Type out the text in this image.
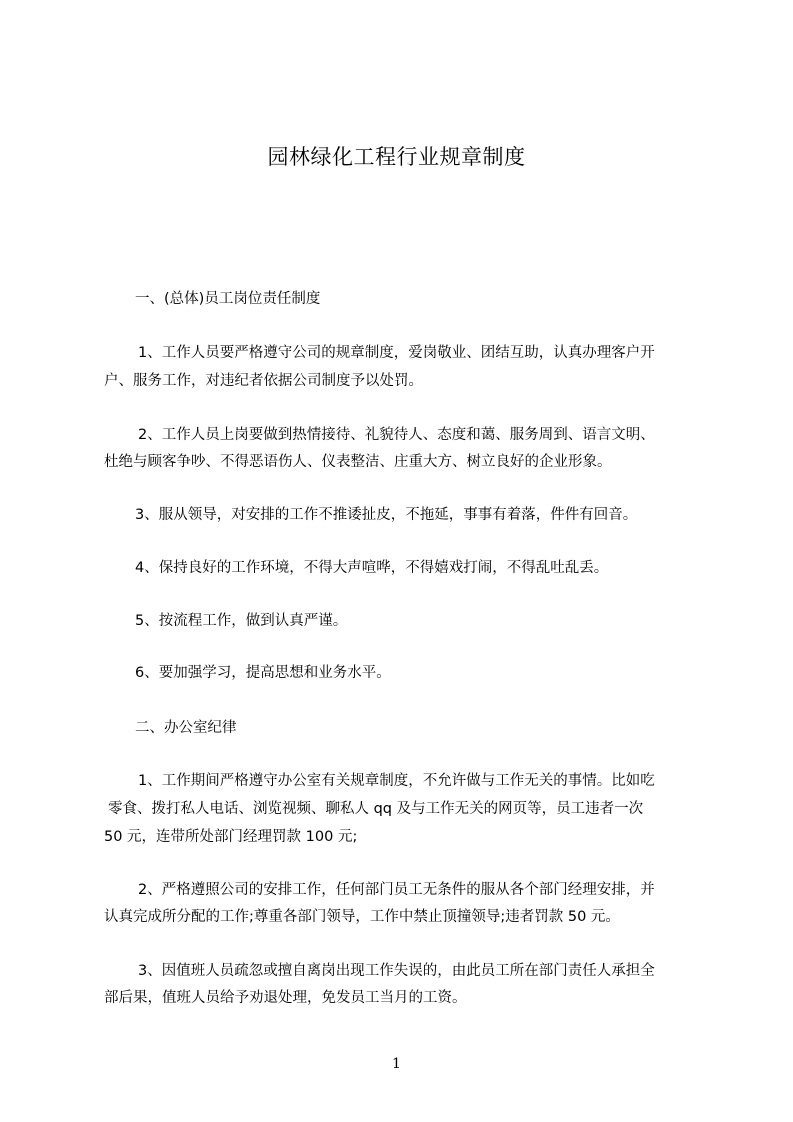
园林绿化工程行业规章制度
一、(总体)员工岗位责任制度
1、工作人员要严格遵守公司的规章制度，爱岗敬业、团结互助，认真办理客户开
户、服务工作，对违纪者依据公司制度予以处罚。
2、工作人员上岗要做到热情接待、礼貌待人、态度和蔼、服务周到、语言文明、
杜绝与顾客争吵、不得恶语伤人、仪表整洁、庄重大方、树立良好的企业形象。
3、服从领导，对安排的工作不推诿扯皮，不拖延，事事有着落，件件有回音。
4、保持良好的工作环境，不得大声喧哗，不得嬉戏打闹，不得乱吐乱丢。
5、按流程工作，做到认真严谨。
6、要加强学习，提高思想和业务水平。
二、办公室纪律
1、工作期间严格遵守办公室有关规章制度，不允许做与工作无关的事情。比如吃
零食、拨打私人电话、浏览视频、聊私人 qq 及与工作无关的网页等，员工违者一次
50 元，连带所处部门经理罚款 100 元;
2、严格遵照公司的安排工作，任何部门员工无条件的服从各个部门经理安排，并
认真完成所分配的工作;尊重各部门领导，工作中禁止顶撞领导;违者罚款 50 元。
3、因值班人员疏忽或擅自离岗出现工作失误的，由此员工所在部门责任人承担全
部后果，值班人员给予劝退处理，免发员工当月的工资。
1
